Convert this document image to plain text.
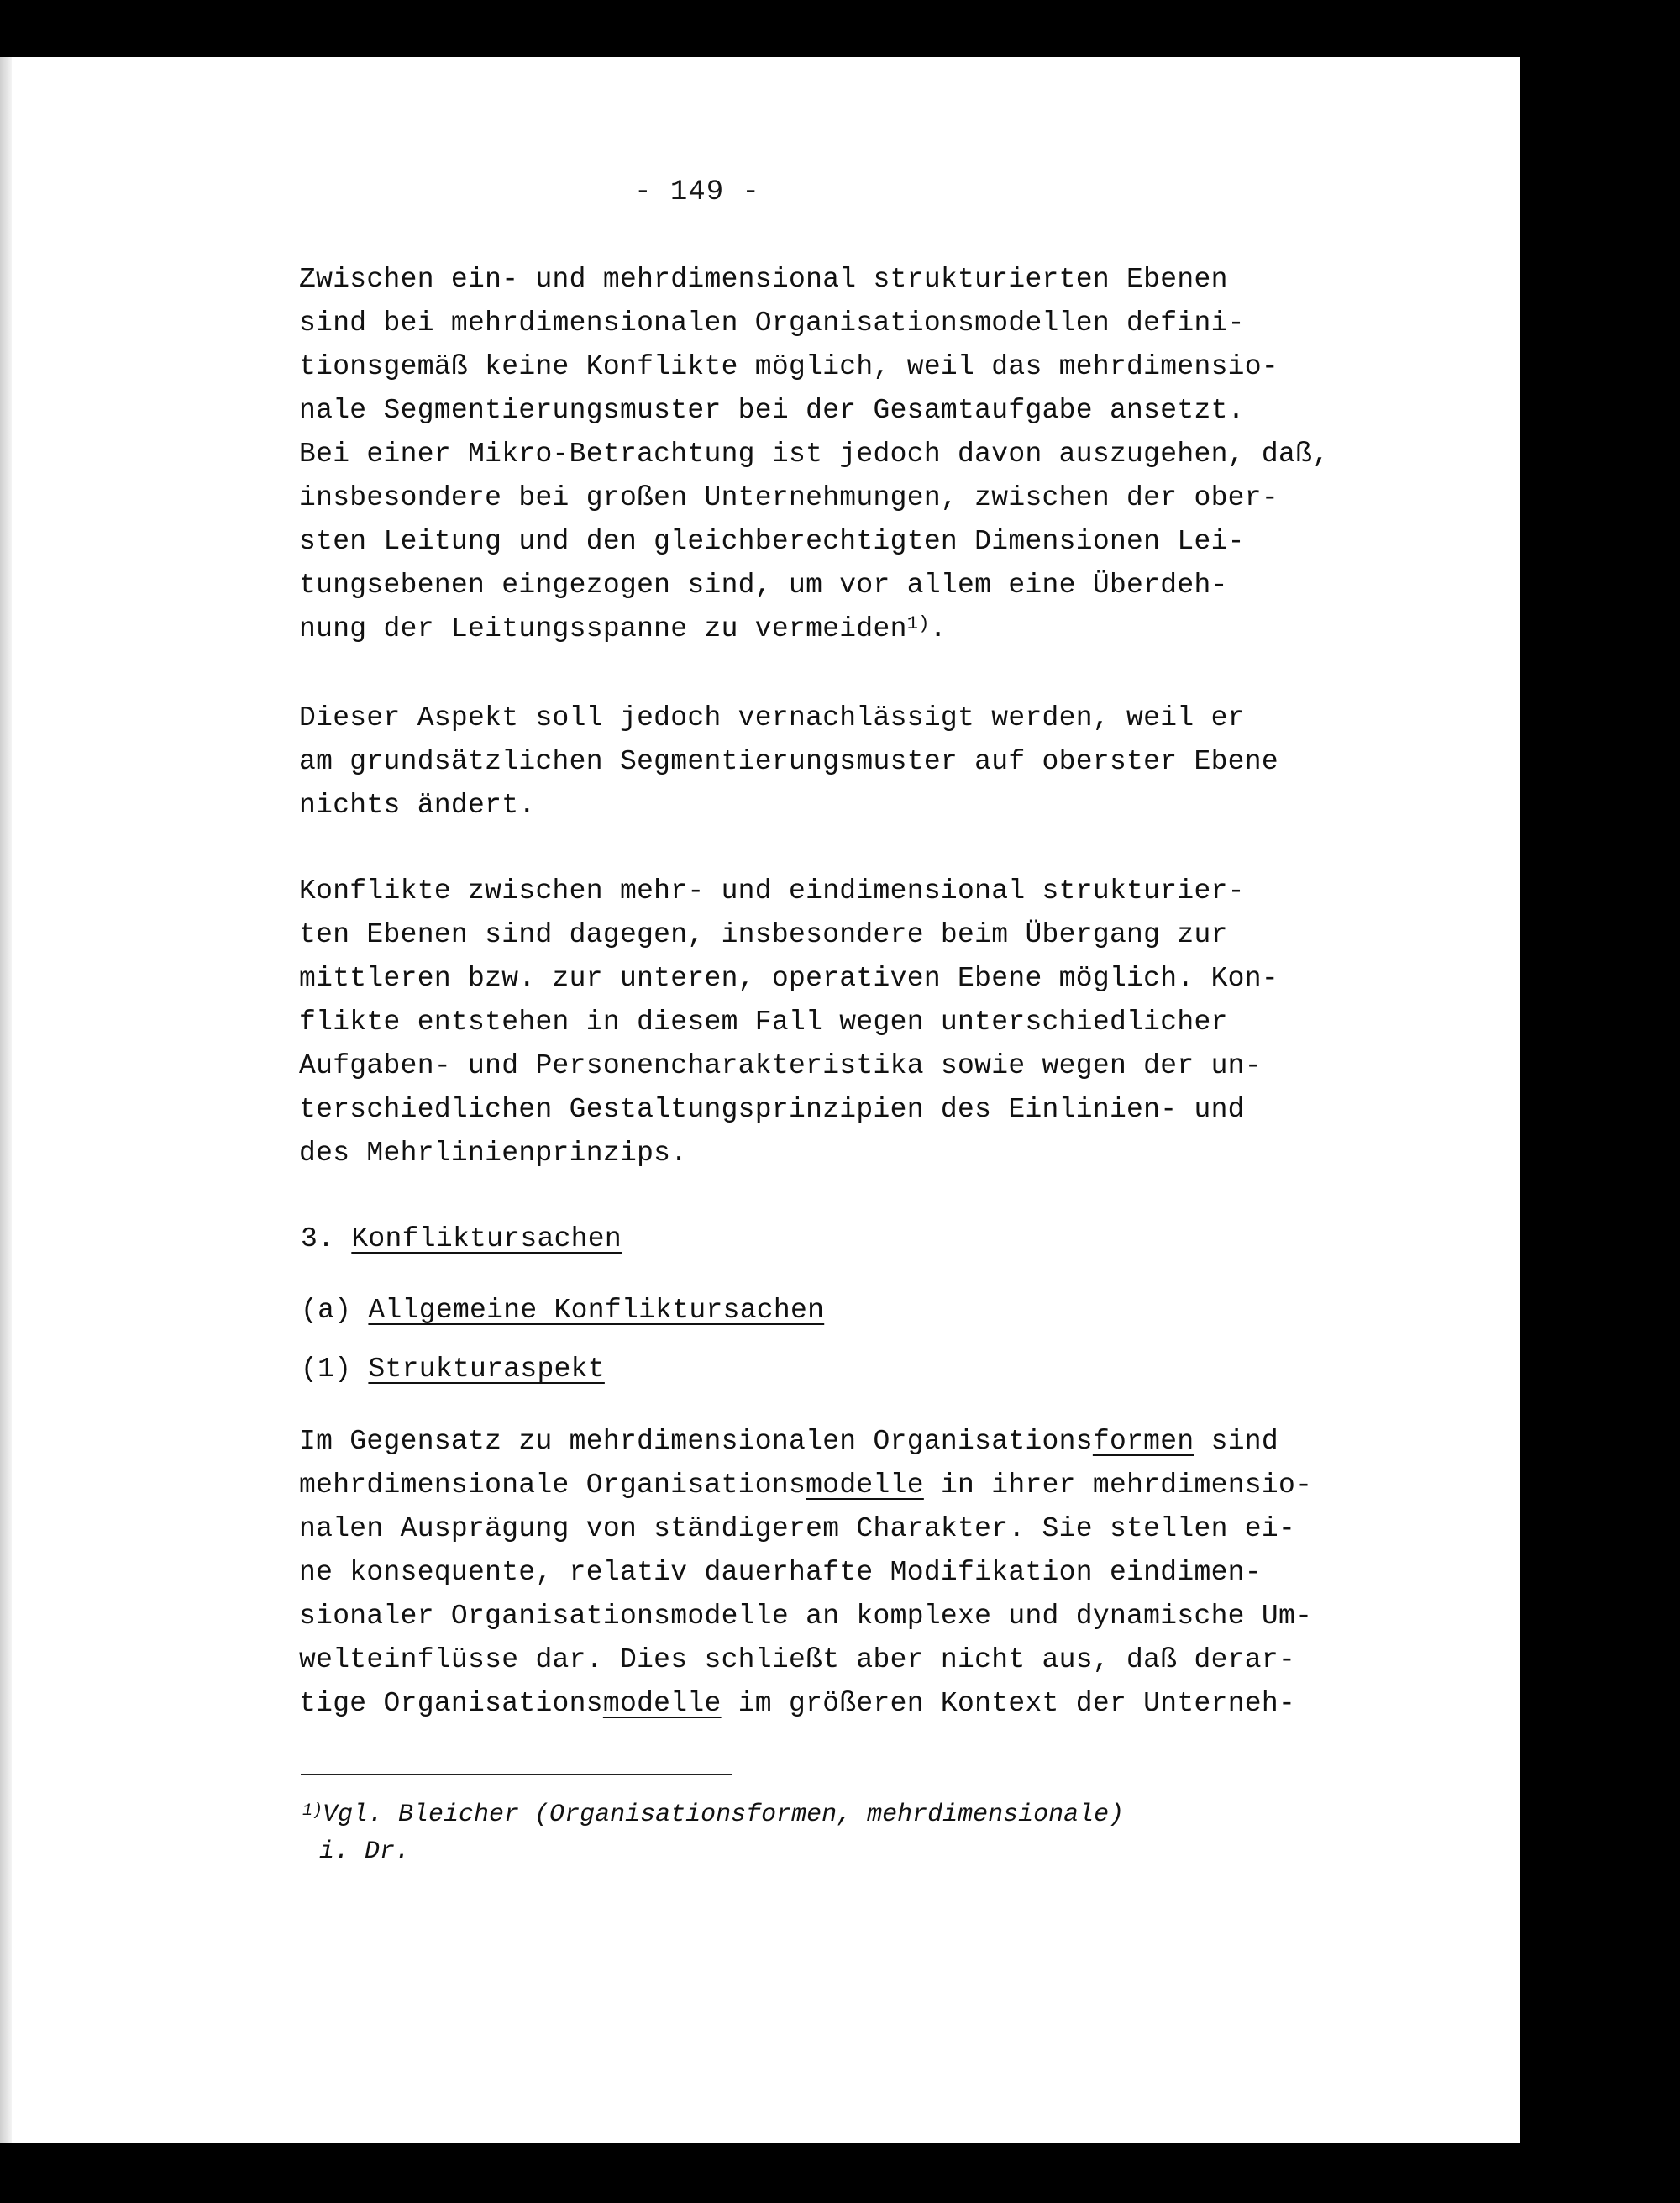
- 149 -
Zwischen ein- und mehrdimensional strukturierten Ebenen
sind bei mehrdimensionalen Organisationsmodellen defini-
tionsgemäß keine Konflikte möglich, weil das mehrdimensio-
nale Segmentierungsmuster bei der Gesamtaufgabe ansetzt.
Bei einer Mikro-Betrachtung ist jedoch davon auszugehen, daß,
insbesondere bei großen Unternehmungen, zwischen der ober-
sten Leitung und den gleichberechtigten Dimensionen Lei-
tungsebenen eingezogen sind, um vor allem eine Überdeh-
nung der Leitungsspanne zu vermeiden$^{1)}$.
Dieser Aspekt soll jedoch vernachlässigt werden, weil er
am grundsätzlichen Segmentierungsmuster auf oberster Ebene
nichts ändert.
Konflikte zwischen mehr- und eindimensional strukturier-
ten Ebenen sind dagegen, insbesondere beim Übergang zur
mittleren bzw. zur unteren, operativen Ebene möglich. Kon-
flikte entstehen in diesem Fall wegen unterschiedlicher
Aufgaben- und Personencharakteristika sowie wegen der un-
terschiedlichen Gestaltungsprinzipien des Einlinien- und
des Mehrlinienprinzips.
3. Konfliktursachen
(a) Allgemeine Konfliktursachen
(1) Strukturaspekt
Im Gegensatz zu mehrdimensionalen Organisationsformen sind
mehrdimensionale Organisationsmodelle in ihrer mehrdimensio-
nalen Ausprägung von ständigerem Charakter. Sie stellen ei-
ne konsequente, relativ dauerhafte Modifikation eindimen-
sionaler Organisationsmodelle an komplexe und dynamische Um-
welteinflüsse dar. Dies schließt aber nicht aus, daß derar-
tige Organisationsmodelle im größeren Kontext der Unterneh-
$^{1)}$Vgl. Bleicher (Organisationsformen, mehrdimensionale)
i. Dr.
